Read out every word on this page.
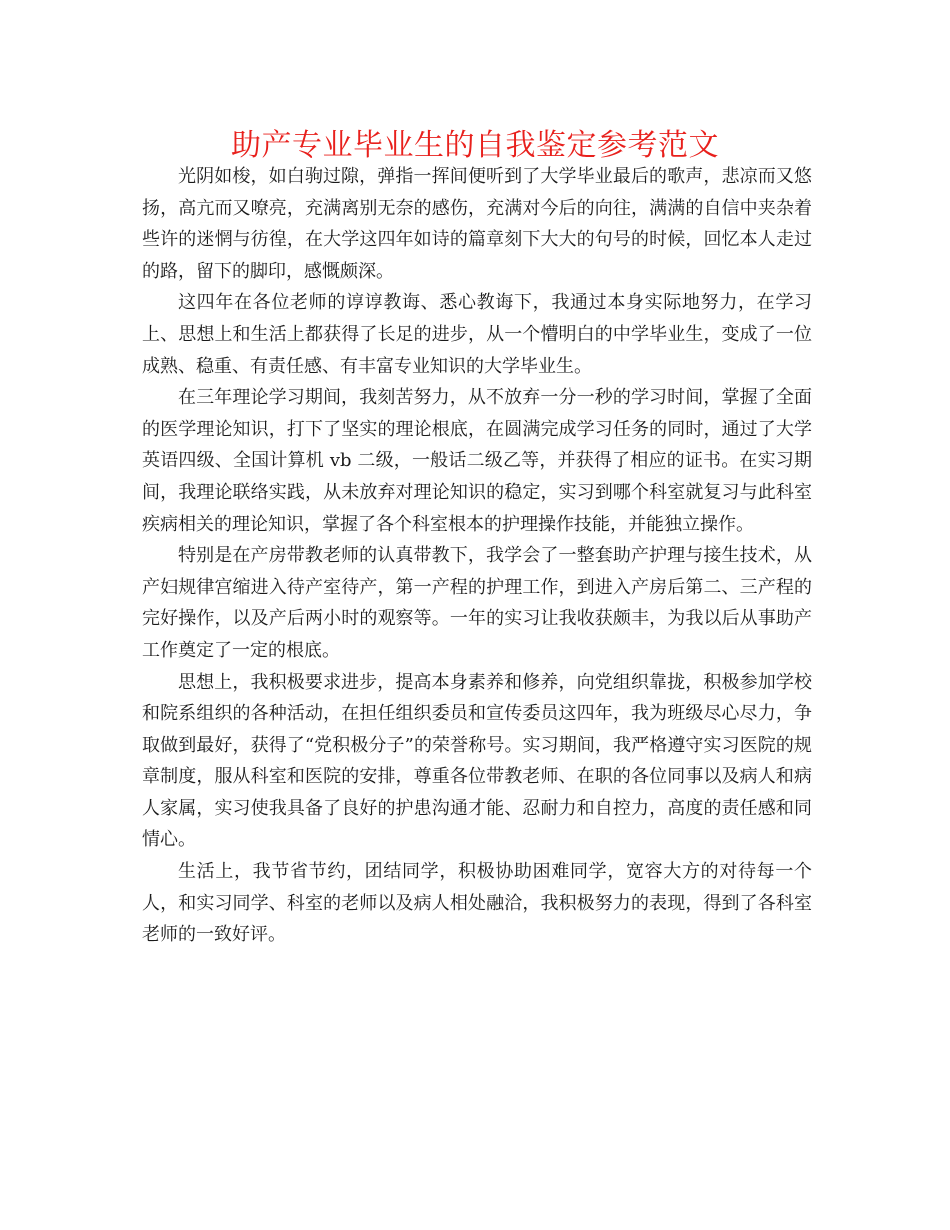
助产专业毕业生的自我鉴定参考范文

光阴如梭，如白驹过隙，弹指一挥间便听到了大学毕业最后的歌声，悲凉而又悠扬，高亢而又嘹亮，充满离别无奈的感伤，充满对今后的向往，满满的自信中夹杂着些许的迷惘与彷徨，在大学这四年如诗的篇章刻下大大的句号的时候，回忆本人走过的路，留下的脚印，感慨颇深。

这四年在各位老师的谆谆教诲、悉心教诲下，我通过本身实际地努力，在学习上、思想上和生活上都获得了长足的进步，从一个懵明白的中学毕业生，变成了一位成熟、稳重、有责任感、有丰富专业知识的大学毕业生。

在三年理论学习期间，我刻苦努力，从不放弃一分一秒的学习时间，掌握了全面的医学理论知识，打下了坚实的理论根底，在圆满完成学习任务的同时，通过了大学英语四级、全国计算机 vb 二级，一般话二级乙等，并获得了相应的证书。在实习期间，我理论联络实践，从未放弃对理论知识的稳定，实习到哪个科室就复习与此科室疾病相关的理论知识，掌握了各个科室根本的护理操作技能，并能独立操作。

特别是在产房带教老师的认真带教下，我学会了一整套助产护理与接生技术，从产妇规律宫缩进入待产室待产，第一产程的护理工作，到进入产房后第二、三产程的完好操作，以及产后两小时的观察等。一年的实习让我收获颇丰，为我以后从事助产工作奠定了一定的根底。

思想上，我积极要求进步，提高本身素养和修养，向党组织靠拢，积极参加学校和院系组织的各种活动，在担任组织委员和宣传委员这四年，我为班级尽心尽力，争取做到最好，获得了“党积极分子”的荣誉称号。实习期间，我严格遵守实习医院的规章制度，服从科室和医院的安排，尊重各位带教老师、在职的各位同事以及病人和病人家属，实习使我具备了良好的护患沟通才能、忍耐力和自控力，高度的责任感和同情心。

生活上，我节省节约，团结同学，积极协助困难同学，宽容大方的对待每一个人，和实习同学、科室的老师以及病人相处融洽，我积极努力的表现，得到了各科室老师的一致好评。
